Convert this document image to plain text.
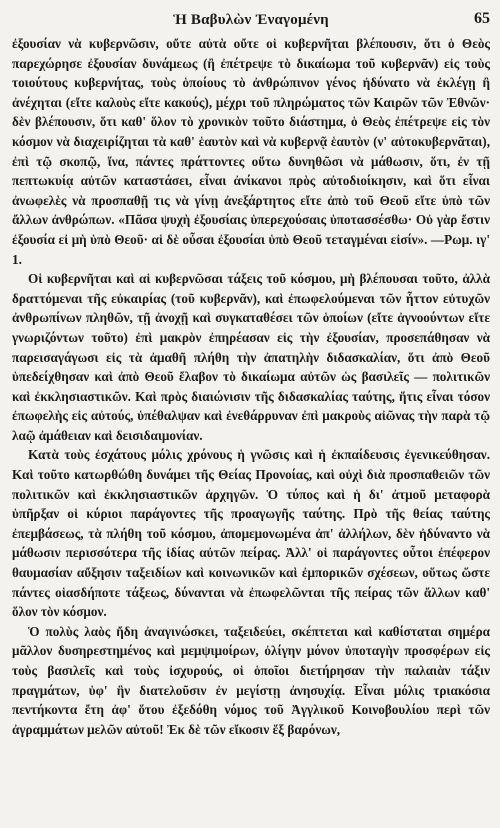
Ἡ Βαβυλὼν Ἐναγομένη	65

ἐξουσίαν νὰ κυβερνῶσιν, οὔτε αὐτὰ οὔτε οἱ κυβερνῆται βλέπουσιν, ὅτι ὁ Θεὸς παρεχώρησε ἐξουσίαν δυνάμεως (ἢ ἐπέτρεψε τὸ δικαίωμα τοῦ κυβερνᾶν) εἰς τοὺς τοιούτους κυβερνήτας, τοὺς ὁποίους τὸ ἀνθρώπινον γένος ἠδύνατο νὰ ἐκλέγῃ ἢ ἀνέχηται (εἴτε καλοὺς εἴτε κακούς), μέχρι τοῦ πληρώματος τῶν Καιρῶν τῶν Ἐθνῶν· δὲν βλέπουσιν, ὅτι καθ' ὅλον τὸ χρονικὸν τοῦτο διάστημα, ὁ Θεὸς ἐπέτρεψε εἰς τὸν κόσμον νὰ διαχειρίζηται τὰ καθ' ἑαυτὸν καὶ νὰ κυβερνᾷ ἑαυτὸν (ν' αὐτοκυβερνᾶται), ἐπὶ τῷ σκοπῷ, ἵνα, πάντες πράττοντες οὕτω δυνηθῶσι νὰ μάθωσιν, ὅτι, ἐν τῇ πεπτωκυίᾳ αὐτῶν καταστάσει, εἶναι ἀνίκανοι πρὸς αὐτοδιοίκησιν, καὶ ὅτι εἶναι ἀνωφελὲς νὰ προσπαθῇ τις νὰ γίνῃ ἀνεξάρτητος εἴτε ἀπὸ τοῦ Θεοῦ εἴτε ὑπὸ τῶν ἄλλων ἀνθρώπων. «Πᾶσα ψυχὴ ἐξουσίαις ὑπερεχούσαις ὑποτασσέσθω· Οὐ γὰρ ἔστιν ἐξουσία εἰ μὴ ὑπὸ Θεοῦ· αἱ δὲ οὖσαι ἐξουσίαι ὑπὸ Θεοῦ τεταγμέναι εἰσίν». —Ρωμ. ιγ' 1.

Οἱ κυβερνῆται καὶ αἱ κυβερνῶσαι τάξεις τοῦ κόσμου, μὴ βλέπουσαι τοῦτο, ἀλλὰ δραττόμεναι τῆς εὐκαιρίας (τοῦ κυβερνᾶν), καὶ ἐπωφελούμεναι τῶν ἧττον εὐτυχῶν ἀνθρωπίνων πληθῶν, τῇ ἀνοχῇ καὶ συγκαταθέσει τῶν ὁποίων (εἴτε ἀγνοούντων εἴτε γνωριζόντων τοῦτο) ἐπὶ μακρὸν ἐπηρέασαν εἰς τὴν ἐξουσίαν, προσεπάθησαν νὰ παρεισαγάγωσι εἰς τὰ ἀμαθῆ πλήθη τὴν ἀπατηλὴν διδασκαλίαν, ὅτι ἀπὸ Θεοῦ ὑπεδείχθησαν καὶ ἀπὸ Θεοῦ ἔλαβον τὸ δικαίωμα αὐτῶν ὡς βασιλεῖς — πολιτικῶν καὶ ἐκκλησιαστικῶν. Καὶ πρὸς διαιώνισιν τῆς διδασκαλίας ταύτης, ἥτις εἶναι τόσον ἐπωφελὴς εἰς αὐτούς, ὑπέθαλψαν καὶ ἐνεθάρρυναν ἐπὶ μακροὺς αἰῶνας τὴν παρὰ τῷ λαῷ ἀμάθειαν καὶ δεισιδαιμονίαν.

Κατὰ τοὺς ἐσχάτους μόλις χρόνους ἡ γνῶσις καὶ ἡ ἐκπαίδευσις ἐγενικεύθησαν. Καὶ τοῦτο κατωρθώθη δυνάμει τῆς Θείας Προνοίας, καὶ οὐχὶ διὰ προσπαθειῶν τῶν πολιτικῶν καὶ ἐκκλησιαστικῶν ἀρχηγῶν. Ὁ τύπος καὶ ἡ δι' ἀτμοῦ μεταφορὰ ὑπῆρξαν οἱ κύριοι παράγοντες τῆς προαγωγῆς ταύτης. Πρὸ τῆς θείας ταύτης ἐπεμβάσεως, τὰ πλήθη τοῦ κόσμου, ἀπομεμονωμένα ἀπ' ἀλλήλων, δὲν ἠδύναντο νὰ μάθωσιν περισσότερα τῆς ἰδίας αὐτῶν πείρας. Ἀλλ' οἱ παράγοντες οὗτοι ἐπέφερον θαυμασίαν αὔξησιν ταξειδίων καὶ κοινωνικῶν καὶ ἐμπορικῶν σχέσεων, οὕτως ὥστε πάντες οἱασδήποτε τάξεως, δύνανται νὰ ἐπωφελῶνται τῆς πείρας τῶν ἄλλων καθ' ὅλον τὸν κόσμον.

Ὁ πολὺς λαὸς ἤδη ἀναγινώσκει, ταξειδεύει, σκέπτεται καὶ καθίσταται σημέρα μᾶλλον δυσηρεστημένος καὶ μεμψιμοίρων, ὀλίγην μόνον ὑποταγὴν προσφέρων εἰς τοὺς βασιλεῖς καὶ τοὺς ἰσχυρούς, οἱ ὁποῖοι διετήρησαν τὴν παλαιὰν τάξιν πραγμάτων, ὑφ' ἣν διατελοῦσιν ἐν μεγίστῃ ἀνησυχίᾳ. Εἶναι μόλις τριακόσια πεντήκοντα ἔτη ἀφ' ὅτου ἐξεδόθη νόμος τοῦ Ἀγγλικοῦ Κοινοβουλίου περὶ τῶν ἀγραμμάτων μελῶν αὐτοῦ! Ἐκ δὲ τῶν εἴκοσιν ἕξ βαρόνων,
